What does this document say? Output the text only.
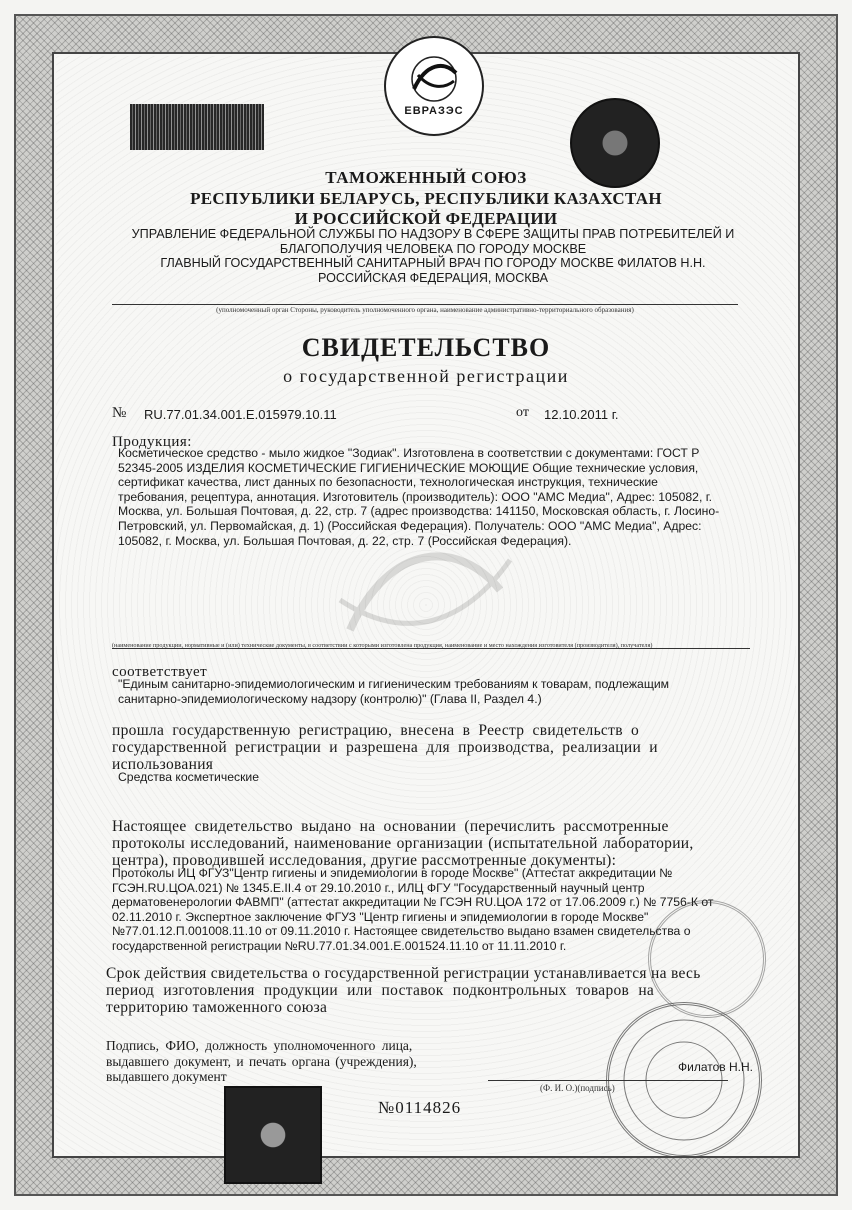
ЕВРАЗЭС
ТАМОЖЕННЫЙ СОЮЗ
РЕСПУБЛИКИ БЕЛАРУСЬ, РЕСПУБЛИКИ КАЗАХСТАН
И РОССИЙСКОЙ ФЕДЕРАЦИИ
УПРАВЛЕНИЕ ФЕДЕРАЛЬНОЙ СЛУЖБЫ ПО НАДЗОРУ В СФЕРЕ ЗАЩИТЫ ПРАВ ПОТРЕБИТЕЛЕЙ И
БЛАГОПОЛУЧИЯ ЧЕЛОВЕКА ПО ГОРОДУ МОСКВЕ
ГЛАВНЫЙ ГОСУДАРСТВЕННЫЙ САНИТАРНЫЙ ВРАЧ ПО ГОРОДУ МОСКВЕ ФИЛАТОВ Н.Н.
РОССИЙСКАЯ ФЕДЕРАЦИЯ, МОСКВА
(уполномоченный орган Стороны, руководитель уполномоченного органа, наименование административно-территориального образования)
СВИДЕТЕЛЬСТВО
о государственной регистрации
№ RU.77.01.34.001.Е.015979.10.11	от 12.10.2011 г.
Продукция:
Косметическое средство - мыло жидкое "Зодиак". Изготовлена в соответствии с документами: ГОСТ Р
52345-2005 ИЗДЕЛИЯ КОСМЕТИЧЕСКИЕ ГИГИЕНИЧЕСКИЕ МОЮЩИЕ Общие технические условия,
сертификат качества, лист данных по безопасности, технологическая инструкция, технические
требования, рецептура, аннотация. Изготовитель (производитель): ООО "АМС Медиа", Адрес: 105082, г.
Москва, ул. Большая Почтовая, д. 22, стр. 7 (адрес производства: 141150, Московская область, г. Лосино-
Петровский, ул. Первомайская, д. 1) (Российская Федерация). Получатель: ООО "АМС Медиа", Адрес:
105082, г. Москва, ул. Большая Почтовая, д. 22, стр. 7 (Российская Федерация).
(наименование продукции, нормативные и (или) технические документы, в соответствии с которыми изготовлена продукция, наименование и место нахождения изготовителя (производителя), получателя)
соответствует
"Единым санитарно-эпидемиологическим и гигиеническим требованиям к товарам, подлежащим
санитарно-эпидемиологическому надзору (контролю)" (Глава II, Раздел 4.)
прошла государственную регистрацию, внесена в Реестр свидетельств о
государственной регистрации и разрешена для производства, реализации и
использования
Средства косметические
Настоящее свидетельство выдано на основании (перечислить рассмотренные
протоколы исследований, наименование организации (испытательной лаборатории,
центра), проводившей исследования, другие рассмотренные документы):
Протоколы ИЦ ФГУЗ"Центр гигиены и эпидемиологии в городе Москве" (Аттестат аккредитации №
ГСЭН.RU.ЦОА.021) № 1345.Е.II.4 от 29.10.2010 г., ИЛЦ ФГУ "Государственный научный центр
дерматовенерологии ФАВМП" (аттестат аккредитации № ГСЭН RU.ЦОА 172 от 17.06.2009 г.) № 7756-К от
02.11.2010 г. Экспертное заключение ФГУЗ "Центр гигиены и эпидемиологии в городе Москве"
№77.01.12.П.001008.11.10 от 09.11.2010 г. Настоящее свидетельство выдано взамен свидетельства о
государственной регистрации №RU.77.01.34.001.Е.001524.11.10 от 11.11.2010 г.
Срок действия свидетельства о государственной регистрации устанавливается на весь
период изготовления продукции или поставок подконтрольных товаров на
территорию таможенного союза
Подпись, ФИО, должность уполномоченного лица,
выдавшего документ, и печать органа (учреждения),
выдавшего документ
Филатов Н.Н.
(Ф. И. О.)(подпись)
№0114826
